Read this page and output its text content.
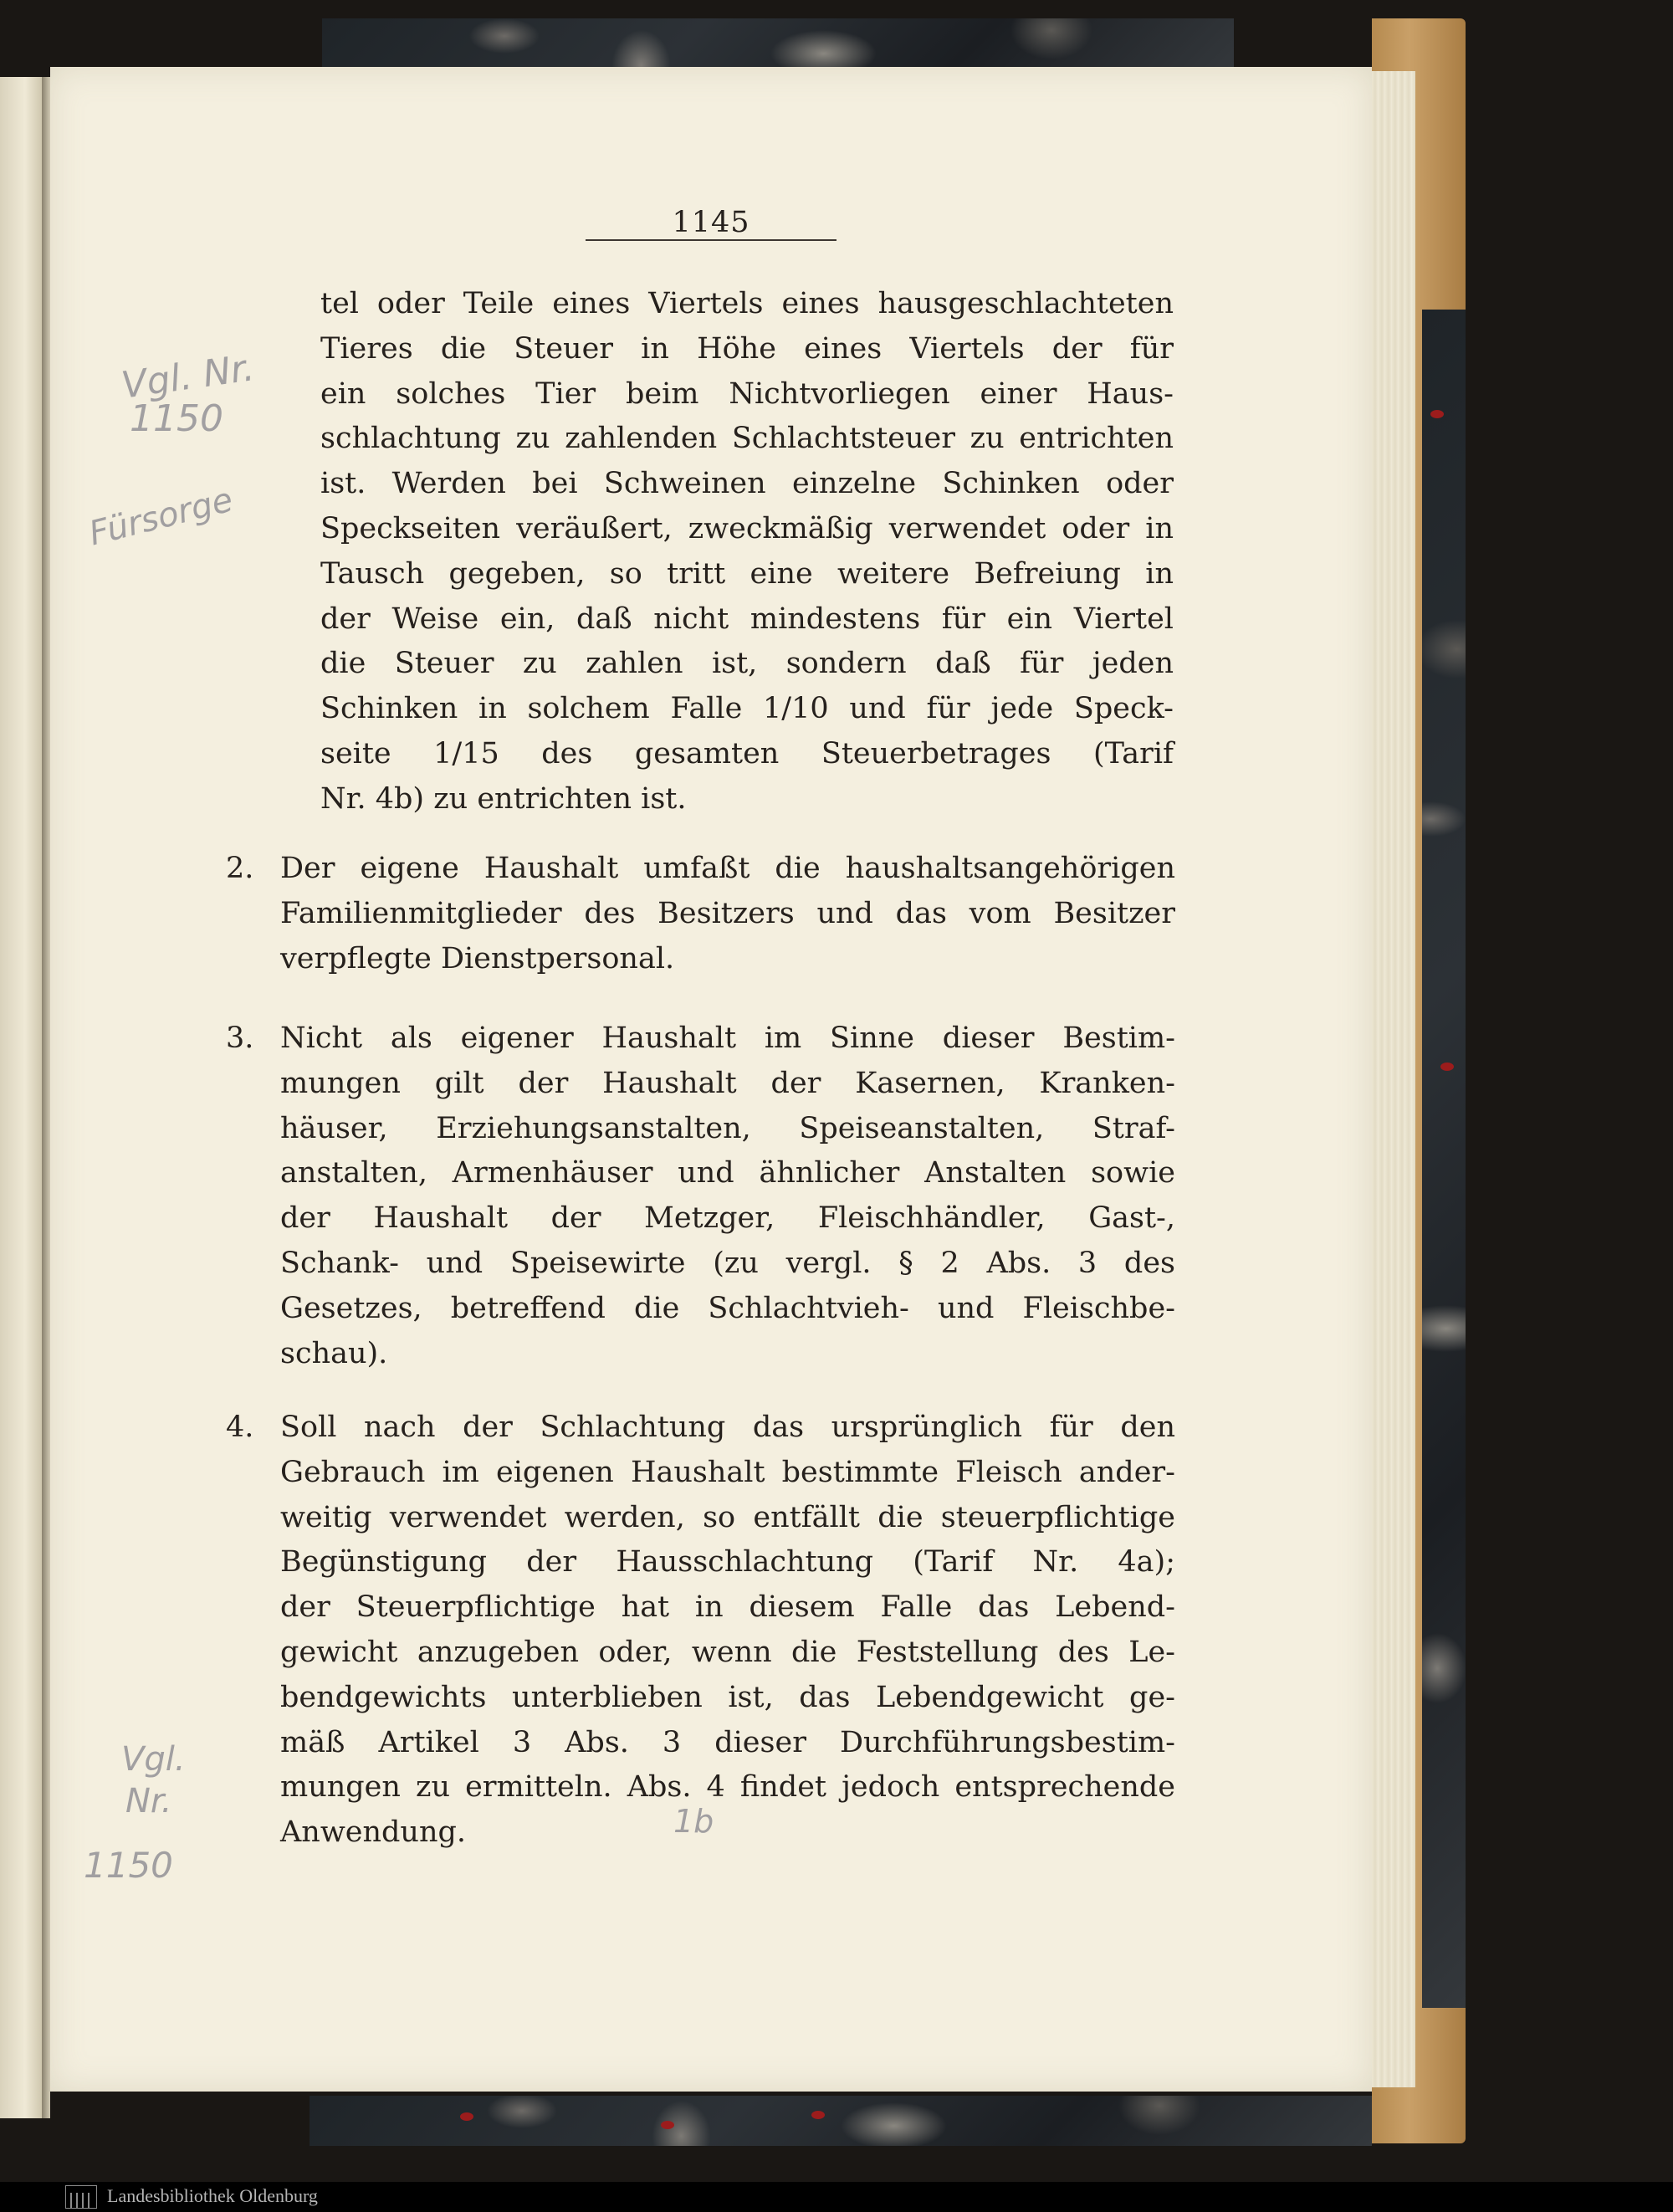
1145
tel oder Teile eines Viertels eines hausgeschlachteten
Tieres die Steuer in Höhe eines Viertels der für
ein solches Tier beim Nichtvorliegen einer Haus-
schlachtung zu zahlenden Schlachtsteuer zu entrichten
ist. Werden bei Schweinen einzelne Schinken oder
Speckseiten veräußert, zweckmäßig verwendet oder in
Tausch gegeben, so tritt eine weitere Befreiung in
der Weise ein, daß nicht mindestens für ein Viertel
die Steuer zu zahlen ist, sondern daß für jeden
Schinken in solchem Falle 1/10 und für jede Speck-
seite 1/15 des gesamten Steuerbetrages (Tarif
Nr. 4b) zu entrichten ist.
2. Der eigene Haushalt umfaßt die haushaltsangehörigen
Familienmitglieder des Besitzers und das vom Besitzer
verpflegte Dienstpersonal.
3. Nicht als eigener Haushalt im Sinne dieser Bestim-
mungen gilt der Haushalt der Kasernen, Kranken-
häuser, Erziehungsanstalten, Speiseanstalten, Straf-
anstalten, Armenhäuser und ähnlicher Anstalten sowie
der Haushalt der Metzger, Fleischhändler, Gast-,
Schank- und Speisewirte (zu vergl. § 2 Abs. 3 des
Gesetzes, betreffend die Schlachtvieh- und Fleischbe-
schau).
4. Soll nach der Schlachtung das ursprünglich für den
Gebrauch im eigenen Haushalt bestimmte Fleisch ander-
weitig verwendet werden, so entfällt die steuerpflichtige
Begünstigung der Hausschlachtung (Tarif Nr. 4a);
der Steuerpflichtige hat in diesem Falle das Lebend-
gewicht anzugeben oder, wenn die Feststellung des Le-
bendgewichts unterblieben ist, das Lebendgewicht ge-
mäß Artikel 3 Abs. 3 dieser Durchführungsbestim-
mungen zu ermitteln. Abs. 4 findet jedoch entsprechende
Anwendung.
Vgl. Nr.
1150
Fürsorge
Vgl.
Nr.
1150
1b
Landesbibliothek Oldenburg
